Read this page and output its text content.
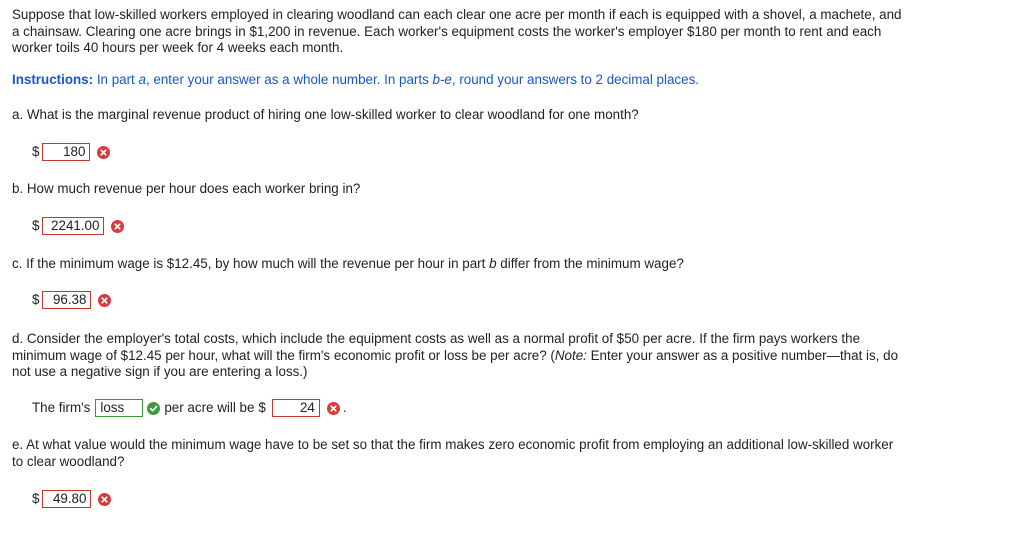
Suppose that low-skilled workers employed in clearing woodland can each clear one acre per month if each is equipped with a shovel, a machete, and a chainsaw. Clearing one acre brings in $1,200 in revenue. Each worker's equipment costs the worker's employer $180 per month to rent and each worker toils 40 hours per week for 4 weeks each month.
Instructions: In part a, enter your answer as a whole number. In parts b-e, round your answers to 2 decimal places.
a. What is the marginal revenue product of hiring one low-skilled worker to clear woodland for one month?
$	180
b. How much revenue per hour does each worker bring in?
$ 2241.00
c. If the minimum wage is $12.45, by how much will the revenue per hour in part b differ from the minimum wage?
$	96.38
d. Consider the employer's total costs, which include the equipment costs as well as a normal profit of $50 per acre. If the firm pays workers the minimum wage of $12.45 per hour, what will the firm's economic profit or loss be per acre? (Note: Enter your answer as a positive number—that is, do not use a negative sign if you are entering a loss.)
The firm's loss	per acre will be $	24	.
e. At what value would the minimum wage have to be set so that the firm makes zero economic profit from employing an additional low-skilled worker to clear woodland?
$	49.80
